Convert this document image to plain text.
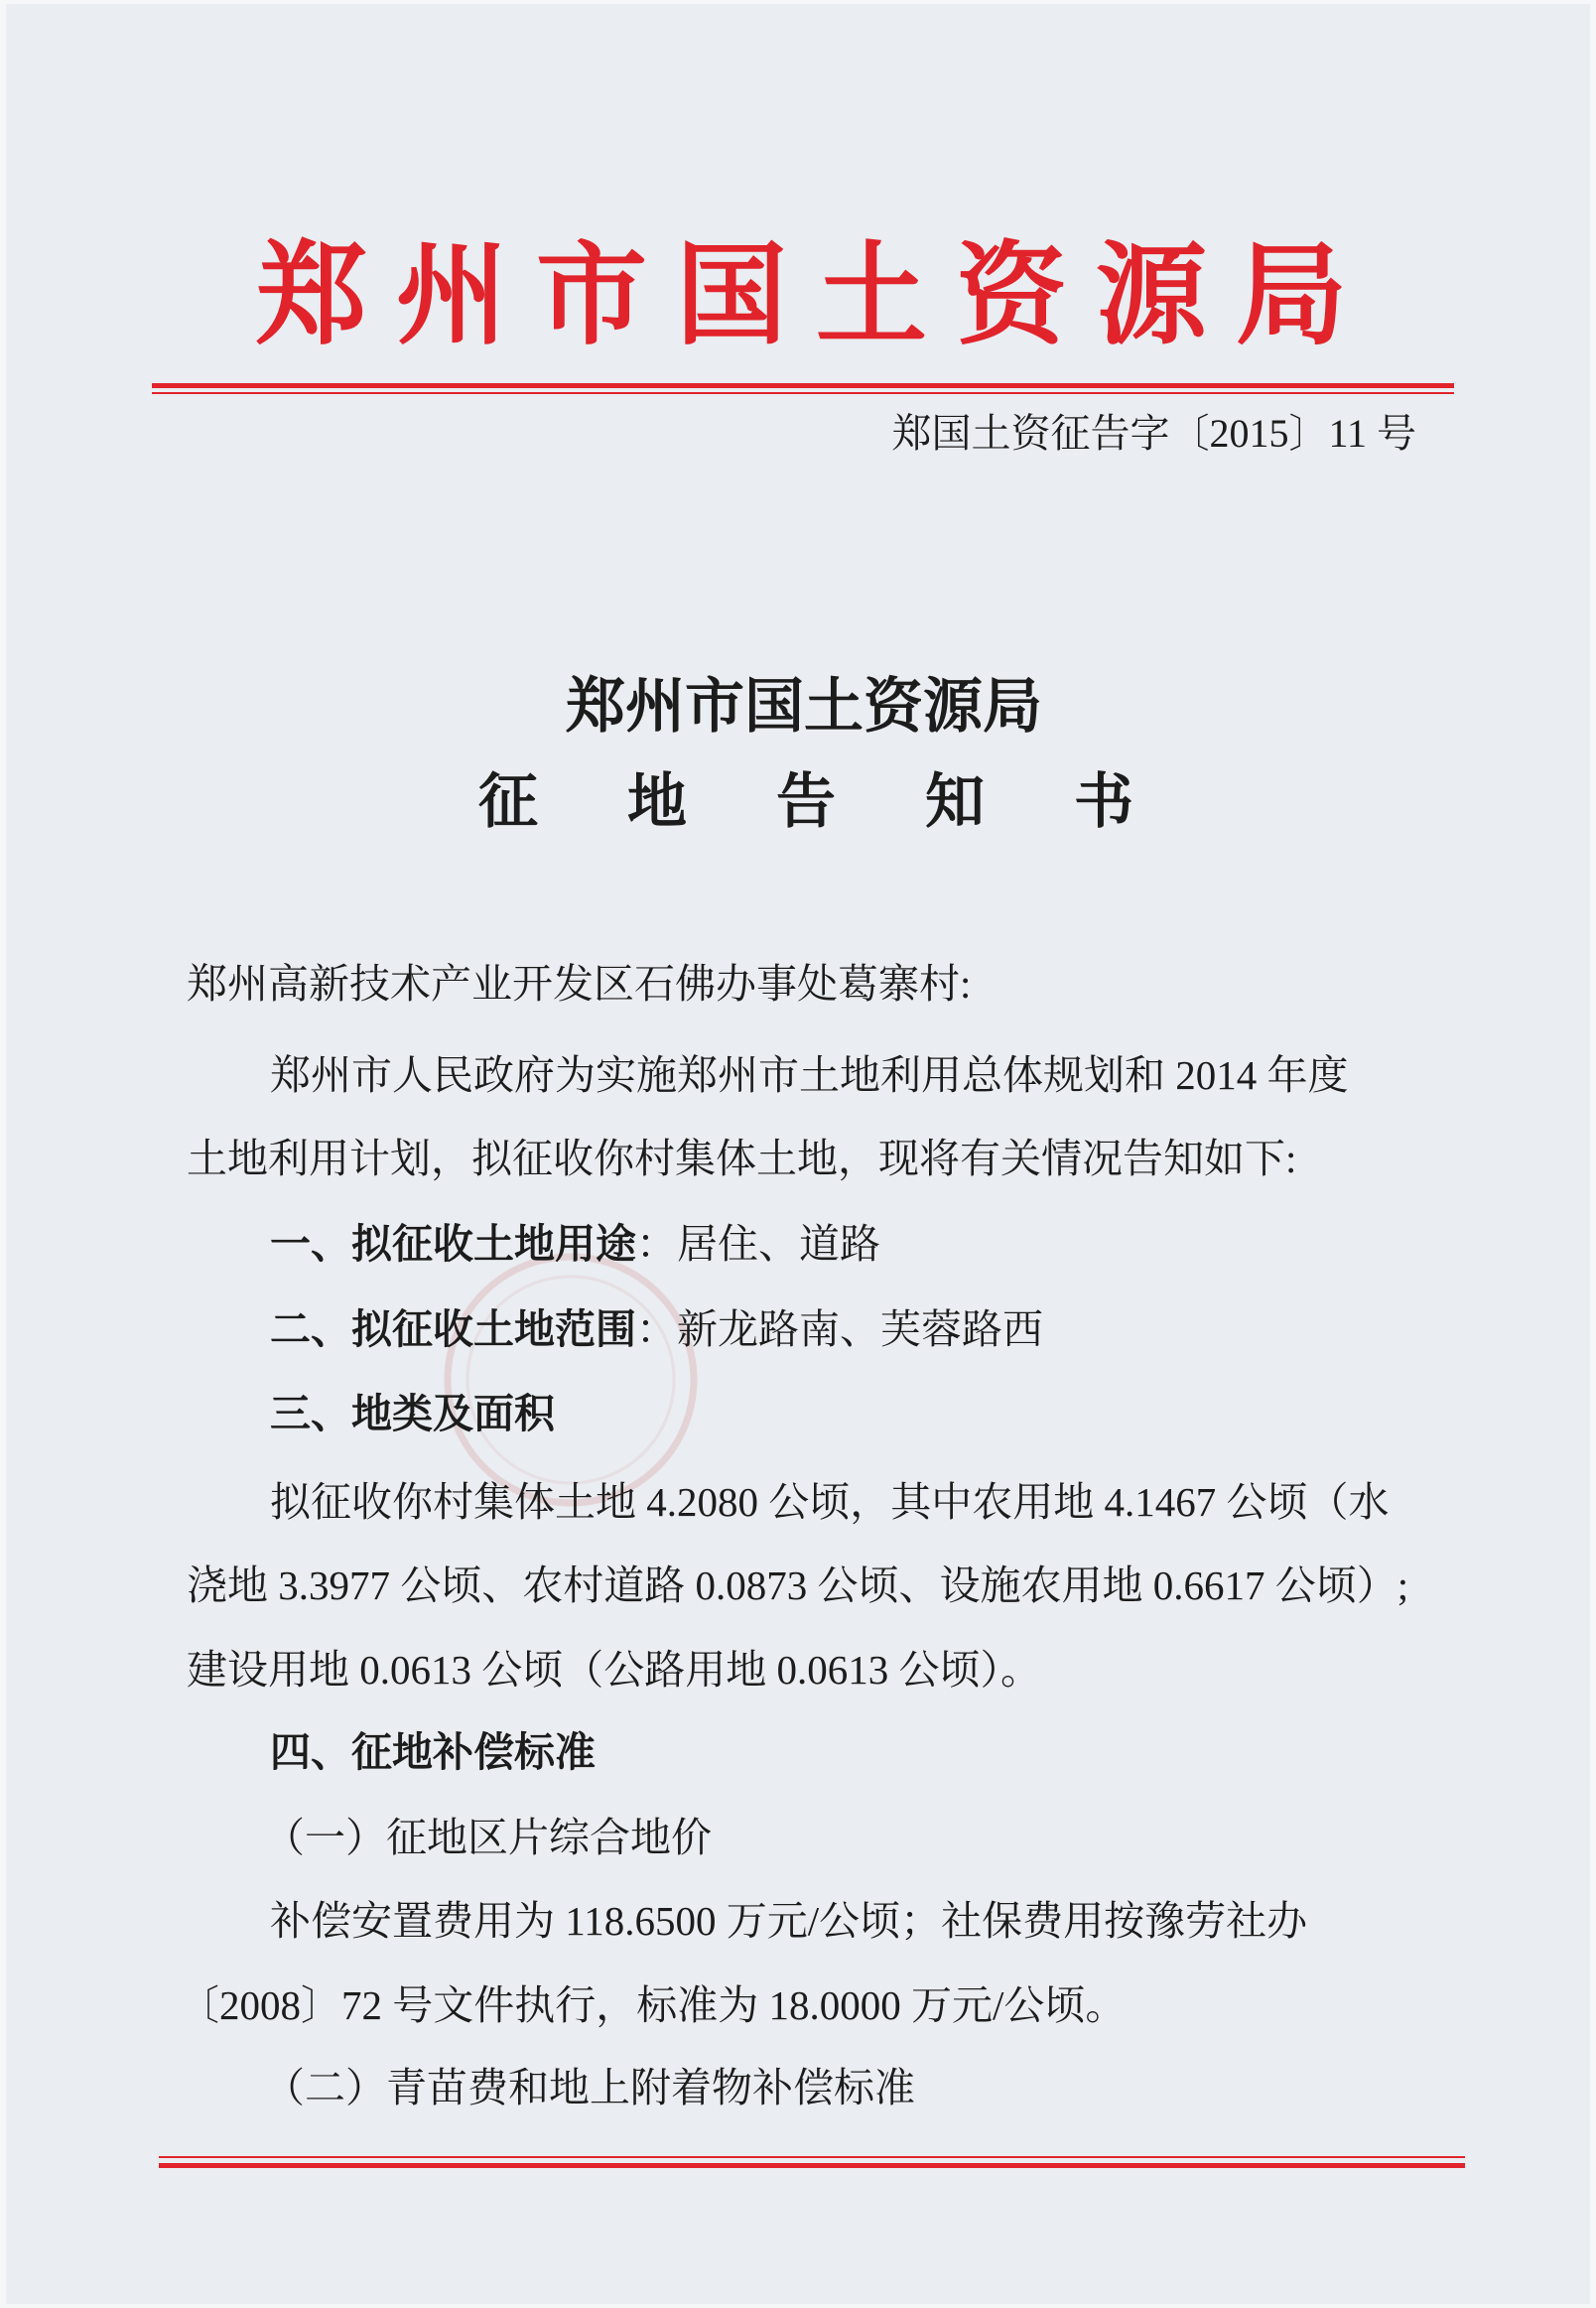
郑州市国土资源局
郑国土资征告字〔2015〕11 号
郑州市国土资源局
征地告知书
郑州高新技术产业开发区石佛办事处葛寨村:
郑州市人民政府为实施郑州市土地利用总体规划和 2014 年度
土地利用计划，拟征收你村集体土地，现将有关情况告知如下:
一、拟征收土地用途：居住、道路
二、拟征收土地范围：新龙路南、芙蓉路西
三、地类及面积
拟征收你村集体土地 4.2080 公顷，其中农用地 4.1467 公顷（水
浇地 3.3977 公顷、农村道路 0.0873 公顷、设施农用地 0.6617 公顷）;
建设用地 0.0613 公顷（公路用地 0.0613 公顷）。
四、征地补偿标准
（一）征地区片综合地价
补偿安置费用为 118.6500 万元/公顷；社保费用按豫劳社办
〔2008〕72 号文件执行，标准为 18.0000 万元/公顷。
（二）青苗费和地上附着物补偿标准
